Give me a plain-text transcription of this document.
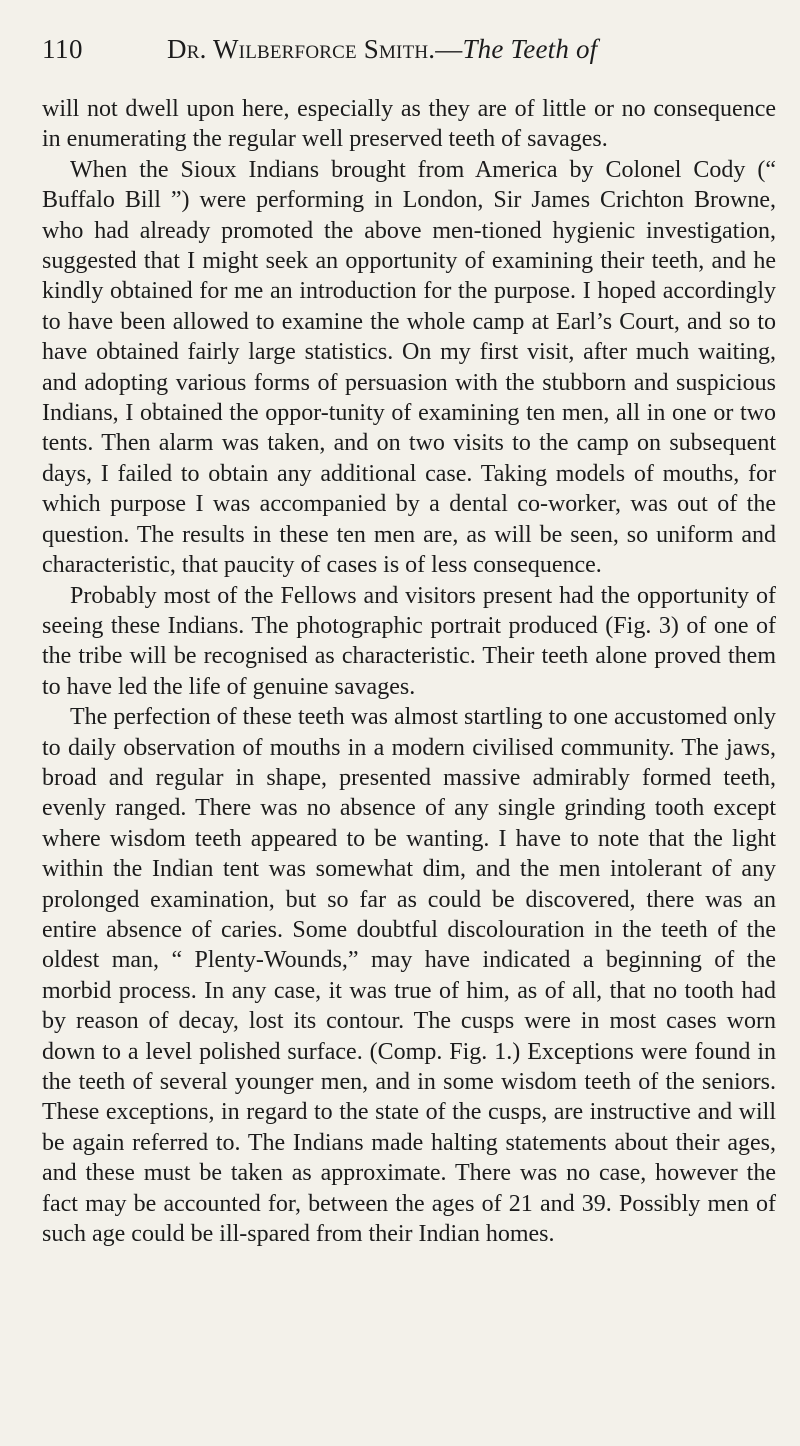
110	Dr. Wilberforce Smith.—The Teeth of

will not dwell upon here, especially as they are of little or no consequence in enumerating the regular well preserved teeth of savages.

When the Sioux Indians brought from America by Colonel Cody (“ Buffalo Bill ”) were performing in London, Sir James Crichton Browne, who had already promoted the above men-tioned hygienic investigation, suggested that I might seek an opportunity of examining their teeth, and he kindly obtained for me an introduction for the purpose. I hoped accordingly to have been allowed to examine the whole camp at Earl’s Court, and so to have obtained fairly large statistics. On my first visit, after much waiting, and adopting various forms of persuasion with the stubborn and suspicious Indians, I obtained the oppor-tunity of examining ten men, all in one or two tents. Then alarm was taken, and on two visits to the camp on subsequent days, I failed to obtain any additional case. Taking models of mouths, for which purpose I was accompanied by a dental co-worker, was out of the question. The results in these ten men are, as will be seen, so uniform and characteristic, that paucity of cases is of less consequence.

Probably most of the Fellows and visitors present had the opportunity of seeing these Indians. The photographic portrait produced (Fig. 3) of one of the tribe will be recognised as characteristic. Their teeth alone proved them to have led the life of genuine savages.

The perfection of these teeth was almost startling to one accustomed only to daily observation of mouths in a modern civilised community. The jaws, broad and regular in shape, presented massive admirably formed teeth, evenly ranged. There was no absence of any single grinding tooth except where wisdom teeth appeared to be wanting. I have to note that the light within the Indian tent was somewhat dim, and the men intolerant of any prolonged examination, but so far as could be discovered, there was an entire absence of caries. Some doubtful discolouration in the teeth of the oldest man, “ Plenty-Wounds,” may have indicated a beginning of the morbid process. In any case, it was true of him, as of all, that no tooth had by reason of decay, lost its contour. The cusps were in most cases worn down to a level polished surface. (Comp. Fig. 1.) Exceptions were found in the teeth of several younger men, and in some wisdom teeth of the seniors. These exceptions, in regard to the state of the cusps, are instructive and will be again referred to. The Indians made halting statements about their ages, and these must be taken as approximate. There was no case, however the fact may be accounted for, between the ages of 21 and 39. Possibly men of such age could be ill-spared from their Indian homes.
